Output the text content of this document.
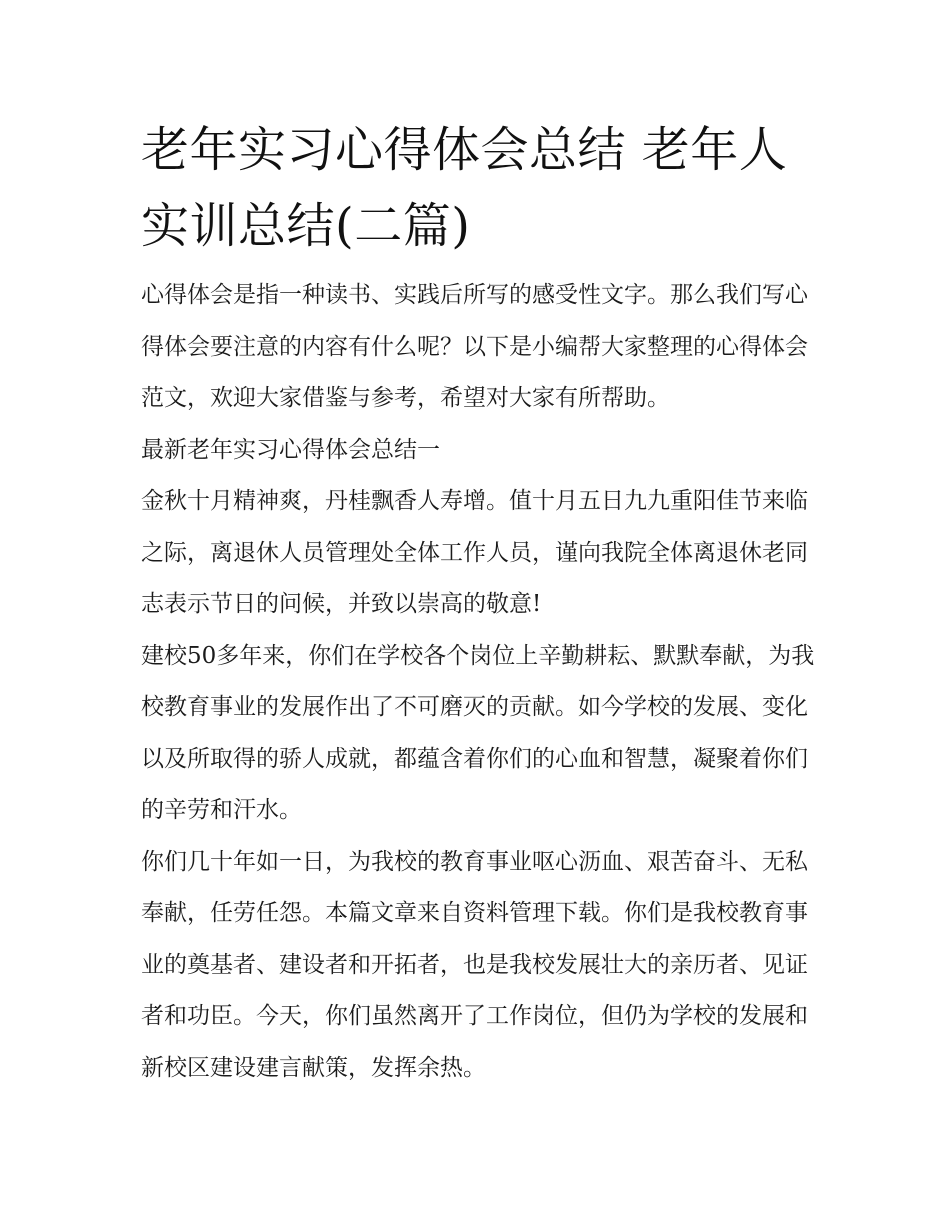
老年实习心得体会总结 老年人实训总结(二篇)

心得体会是指一种读书、实践后所写的感受性文字。那么我们写心得体会要注意的内容有什么呢？以下是小编帮大家整理的心得体会范文，欢迎大家借鉴与参考，希望对大家有所帮助。

最新老年实习心得体会总结一

金秋十月精神爽，丹桂飘香人寿增。值十月五日九九重阳佳节来临之际，离退休人员管理处全体工作人员，谨向我院全体离退休老同志表示节日的问候，并致以崇高的敬意!

建校50多年来，你们在学校各个岗位上辛勤耕耘、默默奉献，为我校教育事业的发展作出了不可磨灭的贡献。如今学校的发展、变化以及所取得的骄人成就，都蕴含着你们的心血和智慧，凝聚着你们的辛劳和汗水。

你们几十年如一日，为我校的教育事业呕心沥血、艰苦奋斗、无私奉献，任劳任怨。本篇文章来自资料管理下载。你们是我校教育事业的奠基者、建设者和开拓者，也是我校发展壮大的亲历者、见证者和功臣。今天，你们虽然离开了工作岗位，但仍为学校的发展和新校区建设建言献策，发挥余热。
